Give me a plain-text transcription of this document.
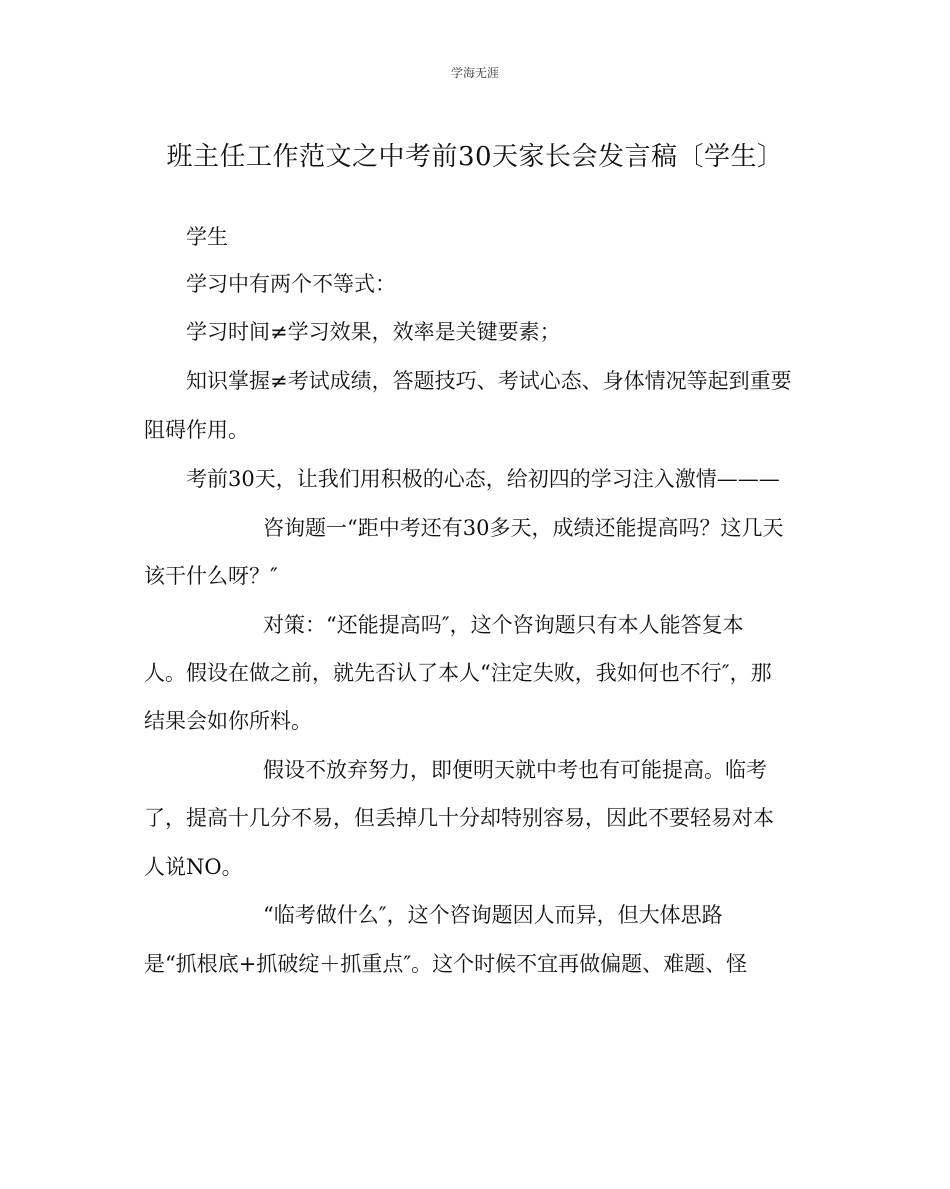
学海无涯
班主任工作范文之中考前30天家长会发言稿〔学生〕
学生
学习中有两个不等式：
学习时间≠学习效果，效率是关键要素；
知识掌握≠考试成绩，答题技巧、考试心态、身体情况等起到重要
阻碍作用。
考前30天，让我们用积极的心态，给初四的学习注入激情———
咨询题一“距中考还有30多天，成绩还能提高吗？这几天
该干什么呀？″
对策：“还能提高吗″，这个咨询题只有本人能答复本
人。假设在做之前，就先否认了本人“注定失败，我如何也不行″，那
结果会如你所料。
假设不放弃努力，即便明天就中考也有可能提高。临考
了，提高十几分不易，但丢掉几十分却特别容易，因此不要轻易对本
人说NO。
“临考做什么″，这个咨询题因人而异，但大体思路
是“抓根底+抓破绽＋抓重点″。这个时候不宜再做偏题、难题、怪
